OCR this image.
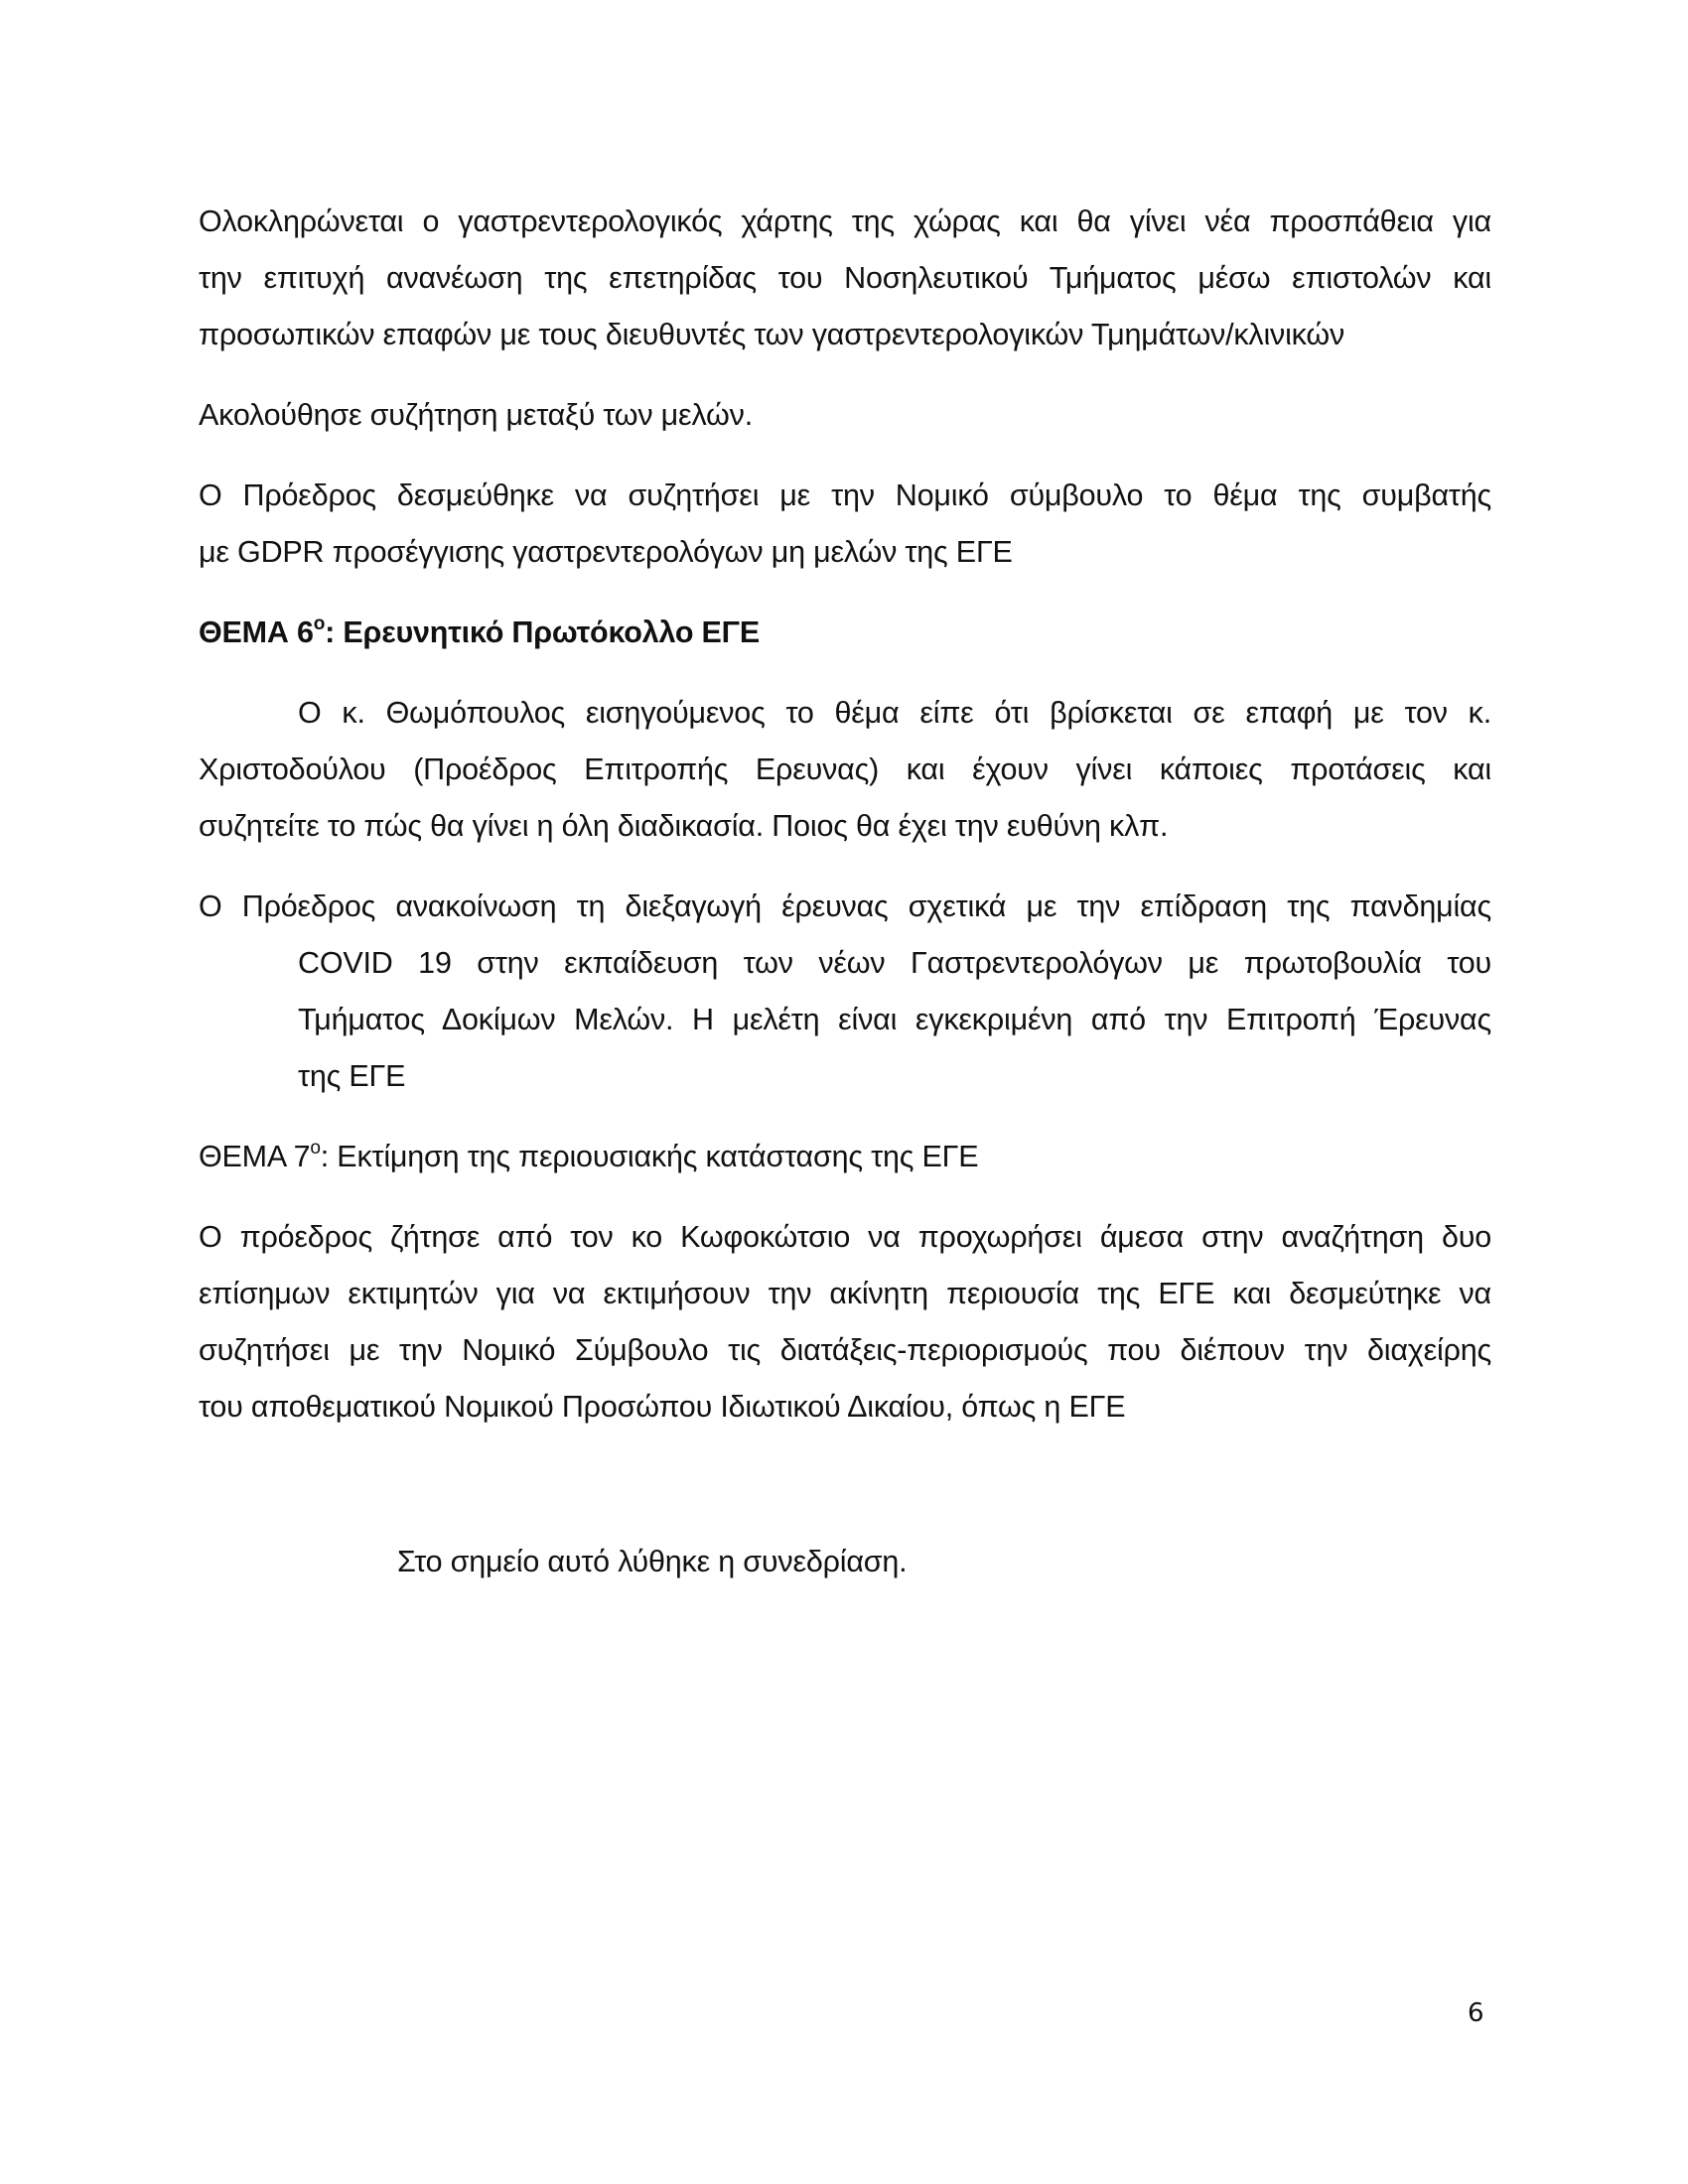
Ολοκληρώνεται ο γαστρεντερολογικός χάρτης της χώρας και θα γίνει νέα προσπάθεια για
την επιτυχή ανανέωση της επετηρίδας του Νοσηλευτικού Τμήματος μέσω επιστολών και
προσωπικών επαφών με τους διευθυντές των γαστρεντερολογικών Τμημάτων/κλινικών
Ακολούθησε συζήτηση μεταξύ των μελών.
Ο Πρόεδρος δεσμεύθηκε να συζητήσει με την Νομικό σύμβουλο το θέμα της συμβατής
με GDPR προσέγγισης γαστρεντερολόγων μη μελών της ΕΓΕ
ΘΕΜΑ $6^o$: Ερευνητικό Πρωτόκολλο ΕΓΕ
Ο κ. Θωμόπουλος εισηγούμενος το θέμα είπε ότι βρίσκεται σε επαφή με τον κ.
Χριστοδούλου (Προέδρος Επιτροπής Ερευνας) και έχουν γίνει κάποιες προτάσεις και
συζητείτε το πώς θα γίνει η όλη διαδικασία. Ποιος θα έχει την ευθύνη κλπ.
Ο Πρόεδρος ανακοίνωση τη διεξαγωγή έρευνας σχετικά με την επίδραση της πανδημίας
COVID 19 στην εκπαίδευση των νέων Γαστρεντερολόγων με πρωτοβουλία του
Τμήματος Δοκίμων Μελών. Η μελέτη είναι εγκεκριμένη από την Επιτροπή Έρευνας
της ΕΓΕ
ΘΕΜΑ $7^o$: Εκτίμηση της περιουσιακής κατάστασης της ΕΓΕ
Ο πρόεδρος ζήτησε από τον κο Κωφοκώτσιο να προχωρήσει άμεσα στην αναζήτηση δυο
επίσημων εκτιμητών για να εκτιμήσουν την ακίνητη περιουσία της ΕΓΕ και δεσμεύτηκε να
συζητήσει με την Νομικό Σύμβουλο τις διατάξεις-περιορισμούς που διέπουν την διαχείρης
του αποθεματικού Νομικού Προσώπου Ιδιωτικού Δικαίου, όπως η ΕΓΕ
Στο σημείο αυτό λύθηκε η συνεδρίαση.
6
